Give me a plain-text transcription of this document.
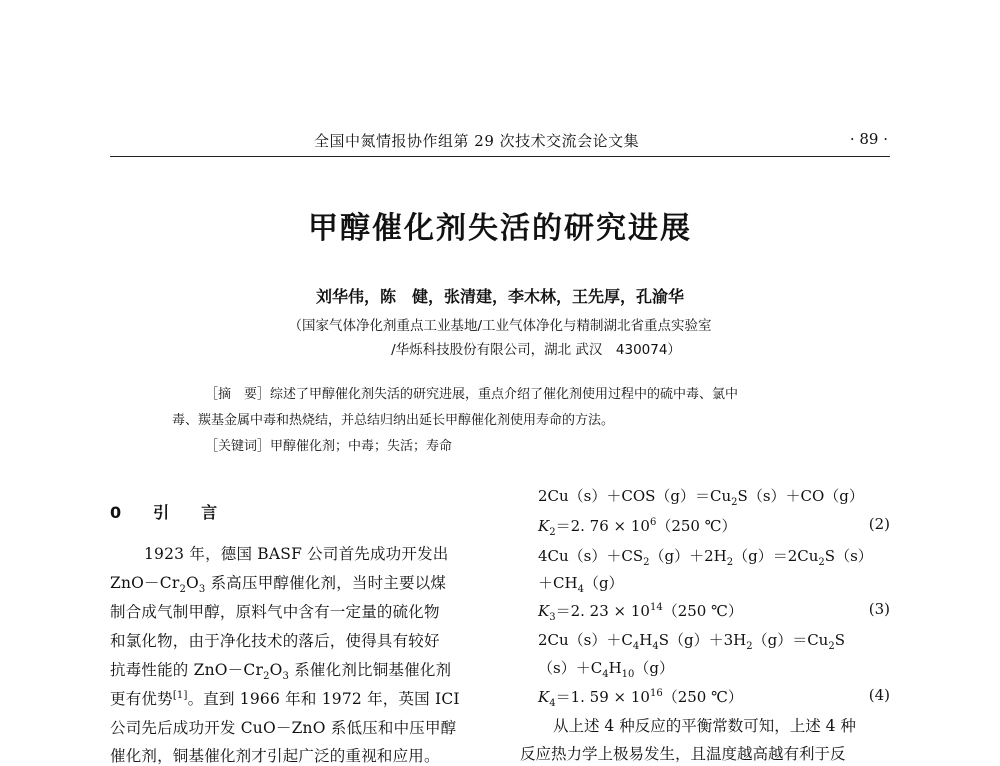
全国中氮情报协作组第 29 次技术交流会论文集	· 89 ·
甲醇催化剂失活的研究进展
刘华伟，陈　健，张清建，李木林，王先厚，孔渝华
（国家气体净化剂重点工业基地/工业气体净化与精制湖北省重点实验室
/华烁科技股份有限公司，湖北 武汉　430074）
［摘　要］综述了甲醇催化剂失活的研究进展，重点介绍了催化剂使用过程中的硫中毒、氯中
毒、羰基金属中毒和热烧结，并总结归纳出延长甲醇催化剂使用寿命的方法。
［关键词］甲醇催化剂；中毒；失活；寿命
0　引　言
1923 年，德国 BASF 公司首先成功开发出
$ZnO-Cr_2O_3$ 系高压甲醇催化剂，当时主要以煤
制合成气制甲醇，原料气中含有一定量的硫化物
和氯化物，由于净化技术的落后，使得具有较好
抗毒性能的 $ZnO-Cr_2O_3$ 系催化剂比铜基催化剂
更有优势[1]。直到 1966 年和 1972 年，英国 ICI
公司先后成功开发 CuO－ZnO 系低压和中压甲醇
催化剂，铜基催化剂才引起广泛的重视和应用。
$2Cu(s)+COS(g)=Cu_2S(s)+CO(g)$
$K_2=2$. $76 \times 10^6(250$ ℃）	(2)
$4Cu(s)+CS_2(g)+2H_2(g)=2Cu_2S(s)$
$+CH_4(g)$
$K_3=2$. $23 \times 10^{14}(250$ ℃）	(3)
$2Cu(s)+C_4H_4S(g)+3H_2(g)=Cu_2S$
$(s)+C_4H_{10}(g)$
$K_4=1$. $59 \times 10^{16}(250$ ℃）	(4)
从上述 4 种反应的平衡常数可知，上述 4 种
反应热力学上极易发生，且温度越高越有利于反
